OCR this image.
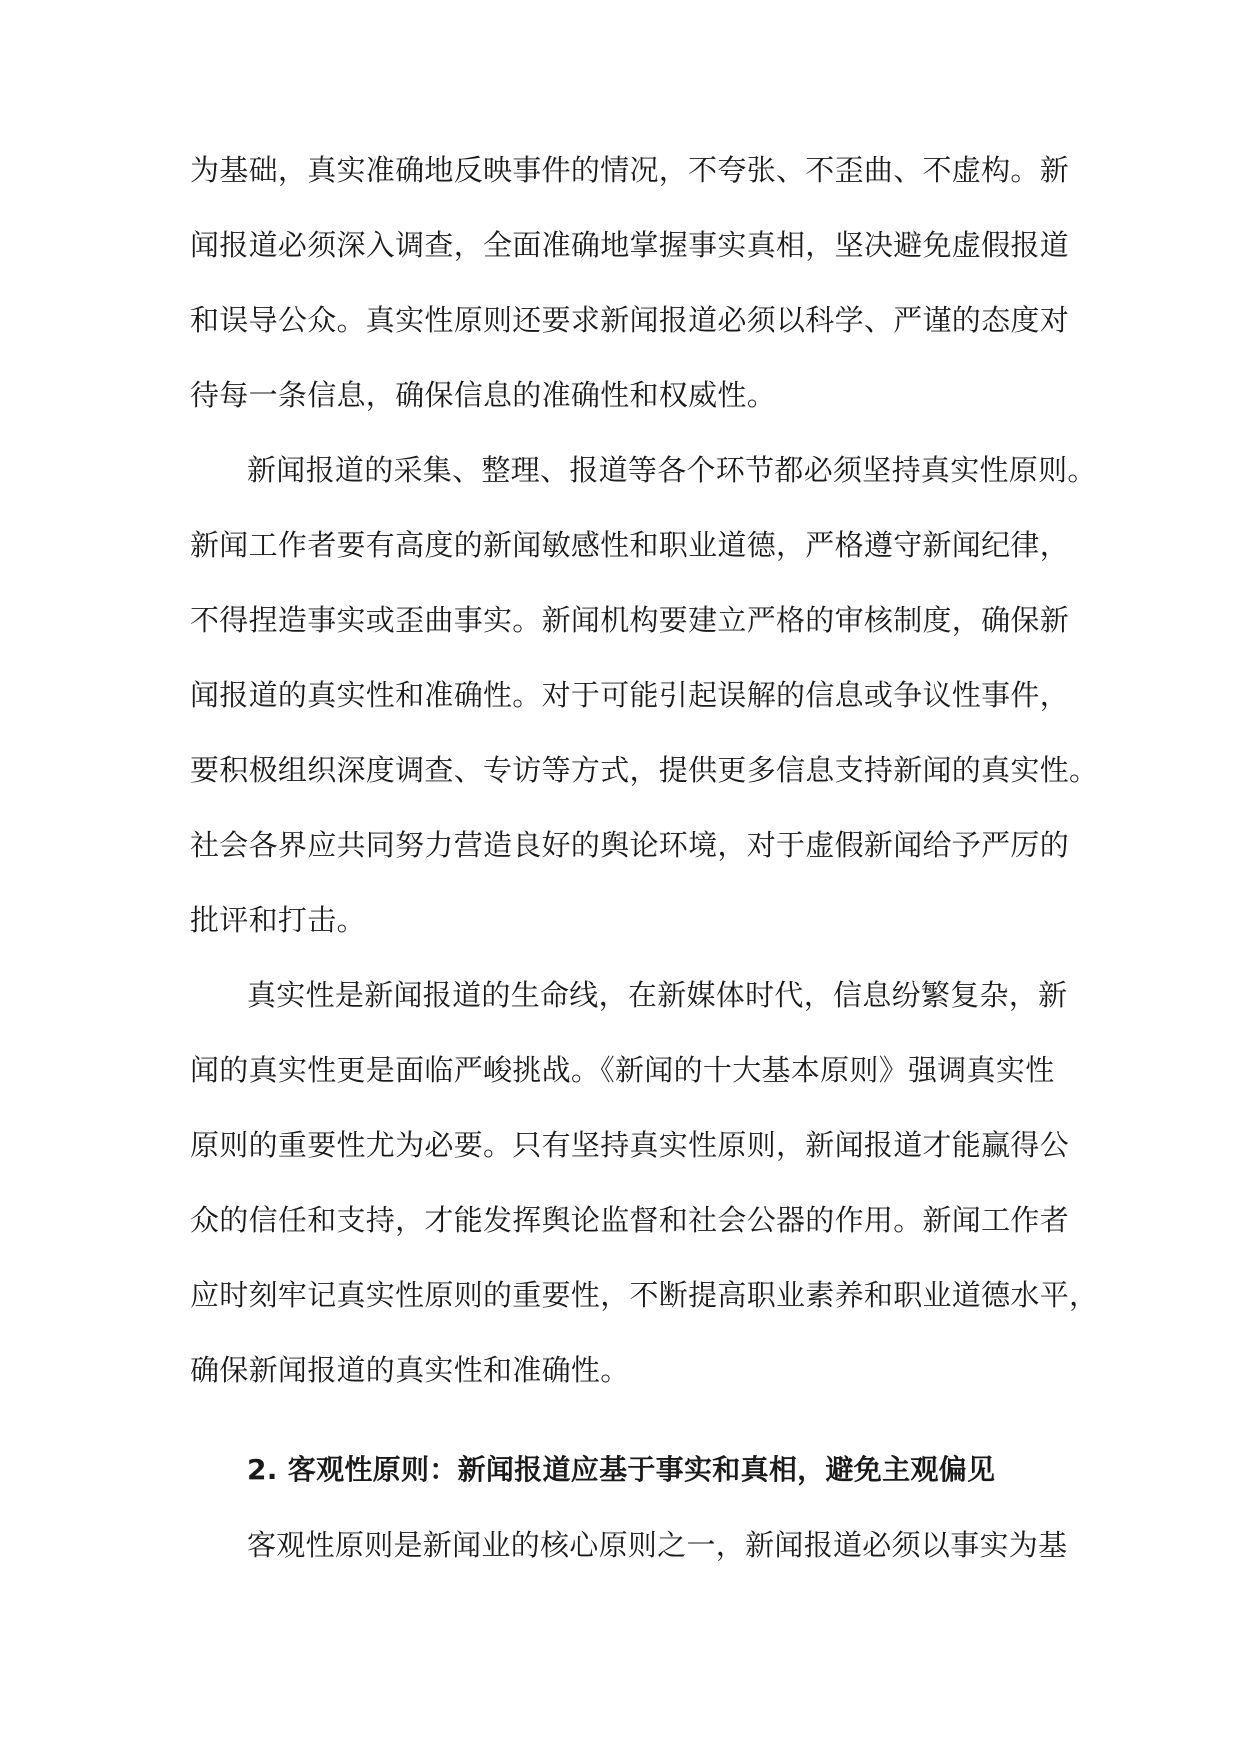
为基础，真实准确地反映事件的情况，不夸张、不歪曲、不虚构。新

闻报道必须深入调查，全面准确地掌握事实真相，坚决避免虚假报道

和误导公众。真实性原则还要求新闻报道必须以科学、严谨的态度对

待每一条信息，确保信息的准确性和权威性。

新闻报道的采集、整理、报道等各个环节都必须坚持真实性原则。

新闻工作者要有高度的新闻敏感性和职业道德，严格遵守新闻纪律，

不得捏造事实或歪曲事实。新闻机构要建立严格的审核制度，确保新

闻报道的真实性和准确性。对于可能引起误解的信息或争议性事件，

要积极组织深度调查、专访等方式，提供更多信息支持新闻的真实性。

社会各界应共同努力营造良好的舆论环境，对于虚假新闻给予严厉的

批评和打击。

真实性是新闻报道的生命线，在新媒体时代，信息纷繁复杂，新

闻的真实性更是面临严峻挑战。《新闻的十大基本原则》强调真实性

原则的重要性尤为必要。只有坚持真实性原则，新闻报道才能赢得公

众的信任和支持，才能发挥舆论监督和社会公器的作用。新闻工作者

应时刻牢记真实性原则的重要性，不断提高职业素养和职业道德水平，

确保新闻报道的真实性和准确性。

2. 客观性原则：新闻报道应基于事实和真相，避免主观偏见

客观性原则是新闻业的核心原则之一，新闻报道必须以事实为基
